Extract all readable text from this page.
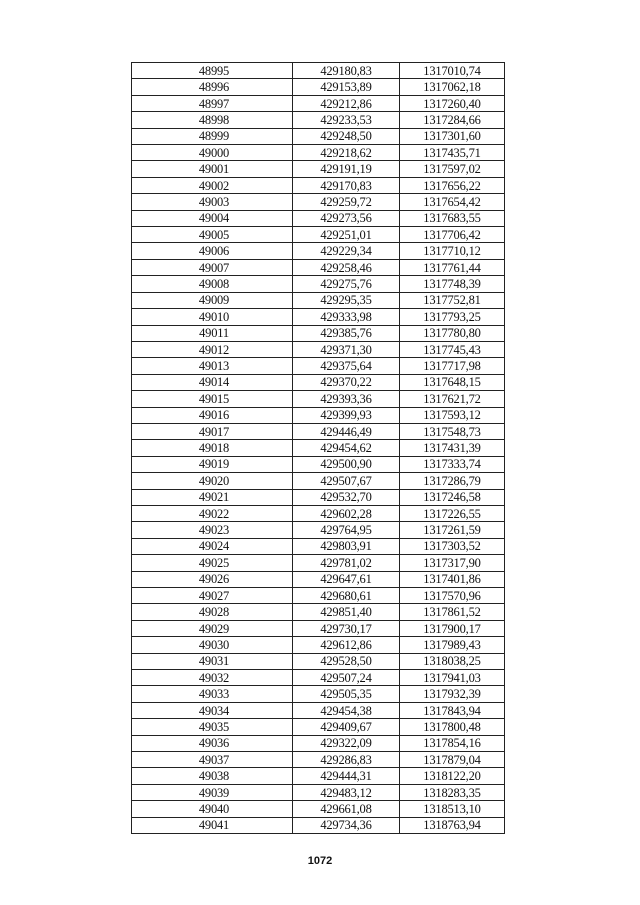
48995	429180,83	1317010,74
48996	429153,89	1317062,18
48997	429212,86	1317260,40
48998	429233,53	1317284,66
48999	429248,50	1317301,60
49000	429218,62	1317435,71
49001	429191,19	1317597,02
49002	429170,83	1317656,22
49003	429259,72	1317654,42
49004	429273,56	1317683,55
49005	429251,01	1317706,42
49006	429229,34	1317710,12
49007	429258,46	1317761,44
49008	429275,76	1317748,39
49009	429295,35	1317752,81
49010	429333,98	1317793,25
49011	429385,76	1317780,80
49012	429371,30	1317745,43
49013	429375,64	1317717,98
49014	429370,22	1317648,15
49015	429393,36	1317621,72
49016	429399,93	1317593,12
49017	429446,49	1317548,73
49018	429454,62	1317431,39
49019	429500,90	1317333,74
49020	429507,67	1317286,79
49021	429532,70	1317246,58
49022	429602,28	1317226,55
49023	429764,95	1317261,59
49024	429803,91	1317303,52
49025	429781,02	1317317,90
49026	429647,61	1317401,86
49027	429680,61	1317570,96
49028	429851,40	1317861,52
49029	429730,17	1317900,17
49030	429612,86	1317989,43
49031	429528,50	1318038,25
49032	429507,24	1317941,03
49033	429505,35	1317932,39
49034	429454,38	1317843,94
49035	429409,67	1317800,48
49036	429322,09	1317854,16
49037	429286,83	1317879,04
49038	429444,31	1318122,20
49039	429483,12	1318283,35
49040	429661,08	1318513,10
49041	429734,36	1318763,94
1072
